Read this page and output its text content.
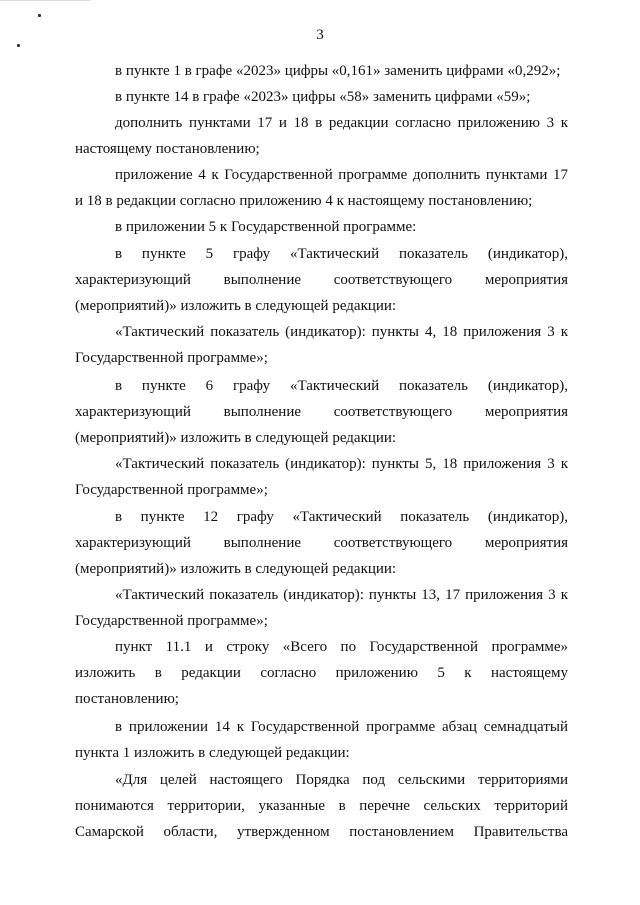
3
в пункте 1 в графе «2023» цифры «0,161» заменить цифрами «0,292»;
в пункте 14 в графе «2023» цифры «58» заменить цифрами «59»;
дополнить пунктами 17 и 18 в редакции согласно приложению 3 к
настоящему постановлению;
приложение 4 к Государственной программе дополнить пунктами 17
и 18 в редакции согласно приложению 4 к настоящему постановлению;
в приложении 5 к Государственной программе:
в пункте 5 графу «Тактический показатель (индикатор),
характеризующий выполнение соответствующего мероприятия
(мероприятий)» изложить в следующей редакции:
«Тактический показатель (индикатор): пункты 4, 18 приложения 3 к
Государственной программе»;
в пункте 6 графу «Тактический показатель (индикатор),
характеризующий выполнение соответствующего мероприятия
(мероприятий)» изложить в следующей редакции:
«Тактический показатель (индикатор): пункты 5, 18 приложения 3 к
Государственной программе»;
в пункте 12 графу «Тактический показатель (индикатор),
характеризующий выполнение соответствующего мероприятия
(мероприятий)» изложить в следующей редакции:
«Тактический показатель (индикатор): пункты 13, 17 приложения 3 к
Государственной программе»;
пункт 11.1 и строку «Всего по Государственной программе»
изложить в редакции согласно приложению 5 к настоящему
постановлению;
в приложении 14 к Государственной программе абзац семнадцатый
пункта 1 изложить в следующей редакции:
«Для целей настоящего Порядка под сельскими территориями
понимаются территории, указанные в перечне сельских территорий
Самарской области, утвержденном постановлением Правительства
